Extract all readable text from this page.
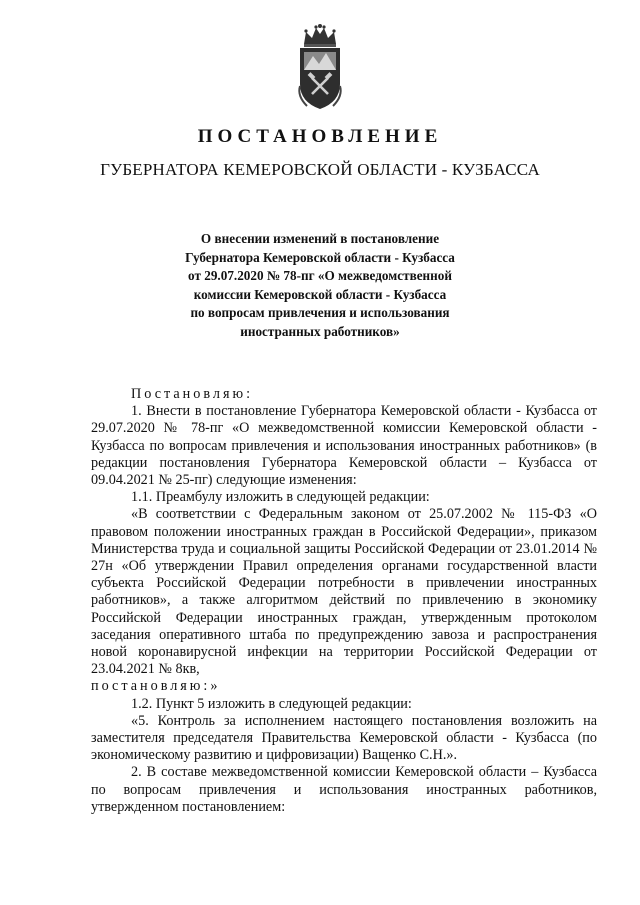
ПОСТАНОВЛЕНИЕ
ГУБЕРНАТОРА КЕМЕРОВСКОЙ ОБЛАСТИ - КУЗБАССА
О внесении изменений в постановление
Губернатора Кемеровской области - Кузбасса
от 29.07.2020 № 78-пг «О межведомственной
комиссии Кемеровской области - Кузбасса
по вопросам привлечения и использования
иностранных работников»

Постановляю:

1. Внести в постановление Губернатора Кемеровской области - Кузбасса от 29.07.2020 № 78-пг «О межведомственной комиссии Кемеровской области - Кузбасса по вопросам привлечения и использования иностранных работников» (в редакции постановления Губернатора Кемеровской области – Кузбасса от 09.04.2021 № 25-пг) следующие изменения:

1.1. Преамбулу изложить в следующей редакции:

«В соответствии с Федеральным законом от 25.07.2002 № 115-ФЗ «О правовом положении иностранных граждан в Российской Федерации», приказом Министерства труда и социальной защиты Российской Федерации от 23.01.2014 № 27н «Об утверждении Правил определения органами государственной власти субъекта Российской Федерации потребности в привлечении иностранных работников», а также алгоритмом действий по привлечению в экономику Российской Федерации иностранных граждан, утвержденным протоколом заседания оперативного штаба по предупреждению завоза и распространения новой коронавирусной инфекции на территории Российской Федерации от 23.04.2021 № 8кв,

постановляю:»

1.2. Пункт 5 изложить в следующей редакции:

«5. Контроль за исполнением настоящего постановления возложить на заместителя председателя Правительства Кемеровской области - Кузбасса (по экономическому развитию и цифровизации) Ващенко С.Н.».

2. В составе межведомственной комиссии Кемеровской области – Кузбасса по вопросам привлечения и использования иностранных работников, утвержденном постановлением:
